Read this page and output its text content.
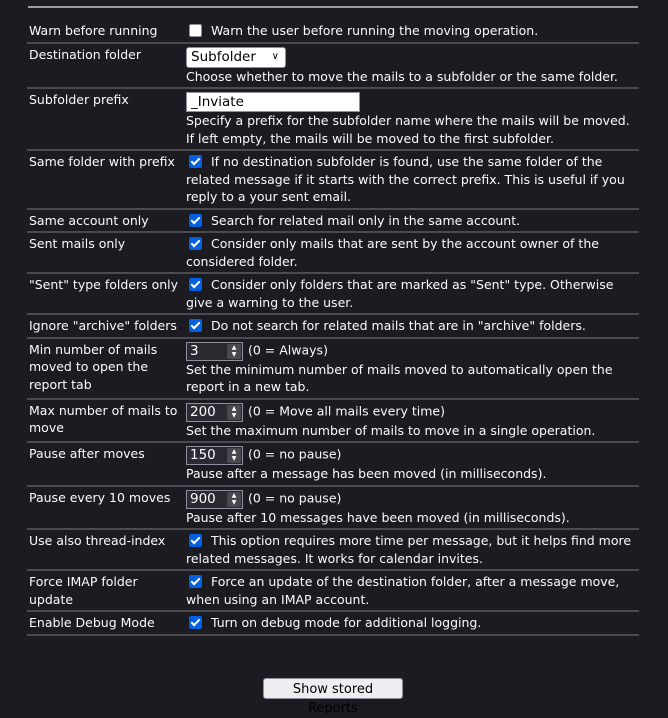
Warn before running	Warn the user before running the moving operation.
Destination folder	Subfolder ∨
Choose whether to move the mails to a subfolder or the same folder.

Subfolder prefix	_Inviate
Specify a prefix for the subfolder name where the mails will be moved. If left empty, the mails will be moved to the first subfolder.

Same folder with prefix	If no destination subfolder is found, use the same folder of the related message if it starts with the correct prefix. This is useful if you reply to a your sent email.
Same account only	Search for related mail only in the same account.
Sent mails only	Consider only mails that are sent by the account owner of the considered folder.
"Sent" type folders only	Consider only folders that are marked as "Sent" type. Otherwise give a warning to the user.
Ignore "archive" folders	Do not search for related mails that are in "archive" folders.
Min number of mails moved to open the report tab	3 ▲
▼ (0 = Always)
Set the minimum number of mails moved to automatically open the report in a new tab.

Max number of mails to move	200 ▲
▼ (0 = Move all mails every time)
Set the maximum number of mails to move in a single operation.

Pause after moves	150 ▲
▼ (0 = no pause)
Pause after a message has been moved (in milliseconds).

Pause every 10 moves	900 ▲
▼ (0 = no pause)
Pause after 10 messages have been moved (in milliseconds).

Use also thread-index	This option requires more time per message, but it helps find more related messages. It works for calendar invites.
Force IMAP folder update	Force an update of the destination folder, after a message move, when using an IMAP account.
Enable Debug Mode	Turn on debug mode for additional logging.
Show stored Reports
